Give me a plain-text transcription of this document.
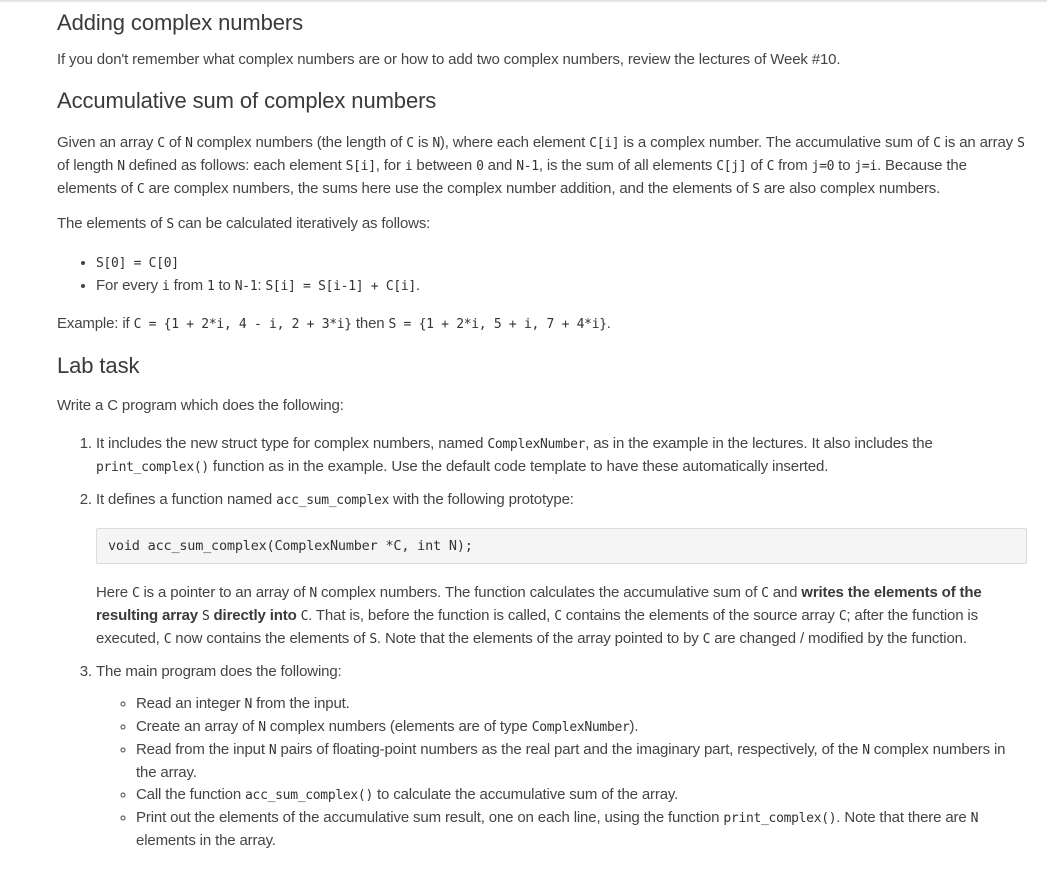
Adding complex numbers

If you don't remember what complex numbers are or how to add two complex numbers, review the lectures of Week #10.

Accumulative sum of complex numbers

Given an array C of N complex numbers (the length of C is N), where each element C[i] is a complex number. The accumulative sum of C is an array S of length N defined as follows: each element S[i], for i between 0 and N-1, is the sum of all elements C[j] of C from j=0 to j=i. Because the elements of C are complex numbers, the sums here use the complex number addition, and the elements of S are also complex numbers.

The elements of S can be calculated iteratively as follows:

• S[0] = C[0]
• For every i from 1 to N-1: S[i] = S[i-1] + C[i].

Example: if C = {1 + 2*i, 4 - i, 2 + 3*i} then S = {1 + 2*i, 5 + i, 7 + 4*i}.

Lab task

Write a C program which does the following:

1. It includes the new struct type for complex numbers, named ComplexNumber, as in the example in the lectures. It also includes the print_complex() function as in the example. Use the default code template to have these automatically inserted.
2. It defines a function named acc_sum_complex with the following prototype:
void acc_sum_complex(ComplexNumber *C, int N);

Here C is a pointer to an array of N complex numbers. The function calculates the accumulative sum of C and writes the elements of the resulting array S directly into C. That is, before the function is called, C contains the elements of the source array C; after the function is executed, C now contains the elements of S. Note that the elements of the array pointed to by C are changed / modified by the function.

3. The main program does the following:
◦ Read an integer N from the input.
◦ Create an array of N complex numbers (elements are of type ComplexNumber).
◦ Read from the input N pairs of floating-point numbers as the real part and the imaginary part, respectively, of the N complex numbers in the array.
◦ Call the function acc_sum_complex() to calculate the accumulative sum of the array.
◦ Print out the elements of the accumulative sum result, one on each line, using the function print_complex(). Note that there are N elements in the array.
